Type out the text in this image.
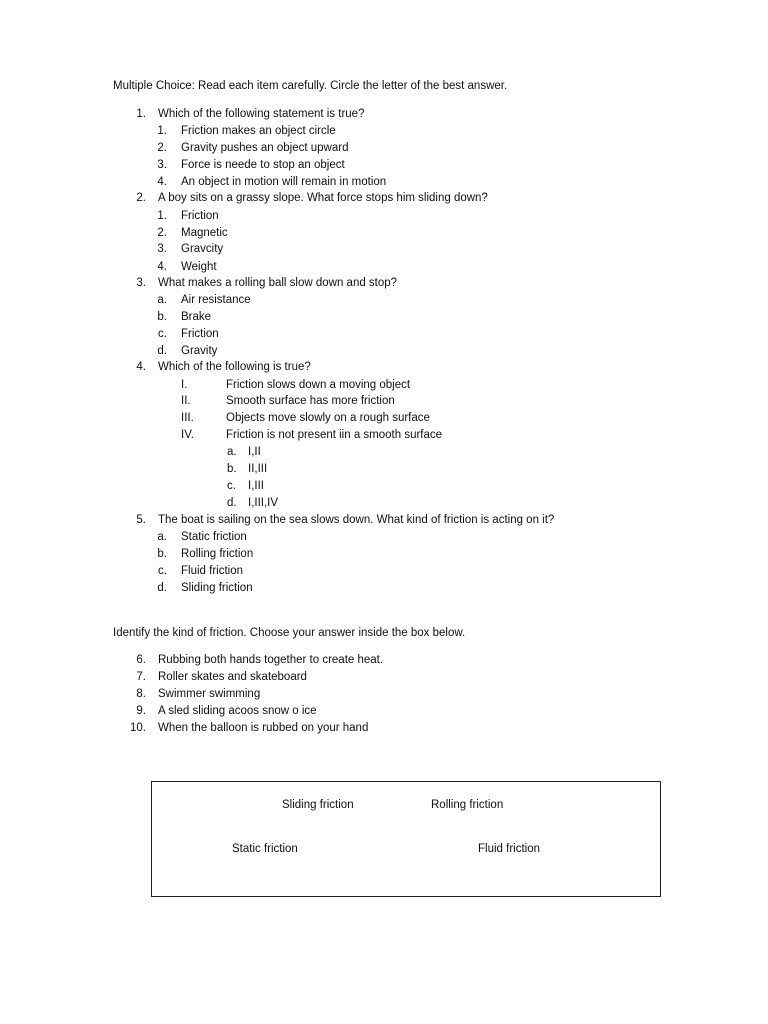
Multiple Choice: Read each item carefully. Circle the letter of the best answer.
1. Which of the following statement is true?
1. Friction makes an object circle
2. Gravity pushes an object upward
3. Force is neede to stop an object
4. An object in motion will remain in motion
2. A boy sits on a grassy slope. What force stops him sliding down?
1. Friction
2. Magnetic
3. Gravcity
4. Weight
3. What makes a rolling ball slow down and stop?
a. Air resistance
b. Brake
c. Friction
d. Gravity
4. Which of the following is true?
I.	Friction slows down a moving object
II.	Smooth surface has more friction
III.	Objects move slowly on a rough surface
IV.	Friction is not present iin a smooth surface
a. I,II
b. II,III
c. I,III
d. I,III,IV
5. The boat is sailing on the sea slows down. What kind of friction is acting on it?
a. Static friction
b. Rolling friction
c. Fluid friction
d. Sliding friction
Identify the kind of friction. Choose your answer inside the box below.
6. Rubbing both hands together to create heat.
7. Roller skates and skateboard
8. Swimmer swimming
9. A sled sliding acoos snow o ice
10. When the balloon is rubbed on your hand
Sliding friction	Rolling friction
Static friction	Fluid friction
